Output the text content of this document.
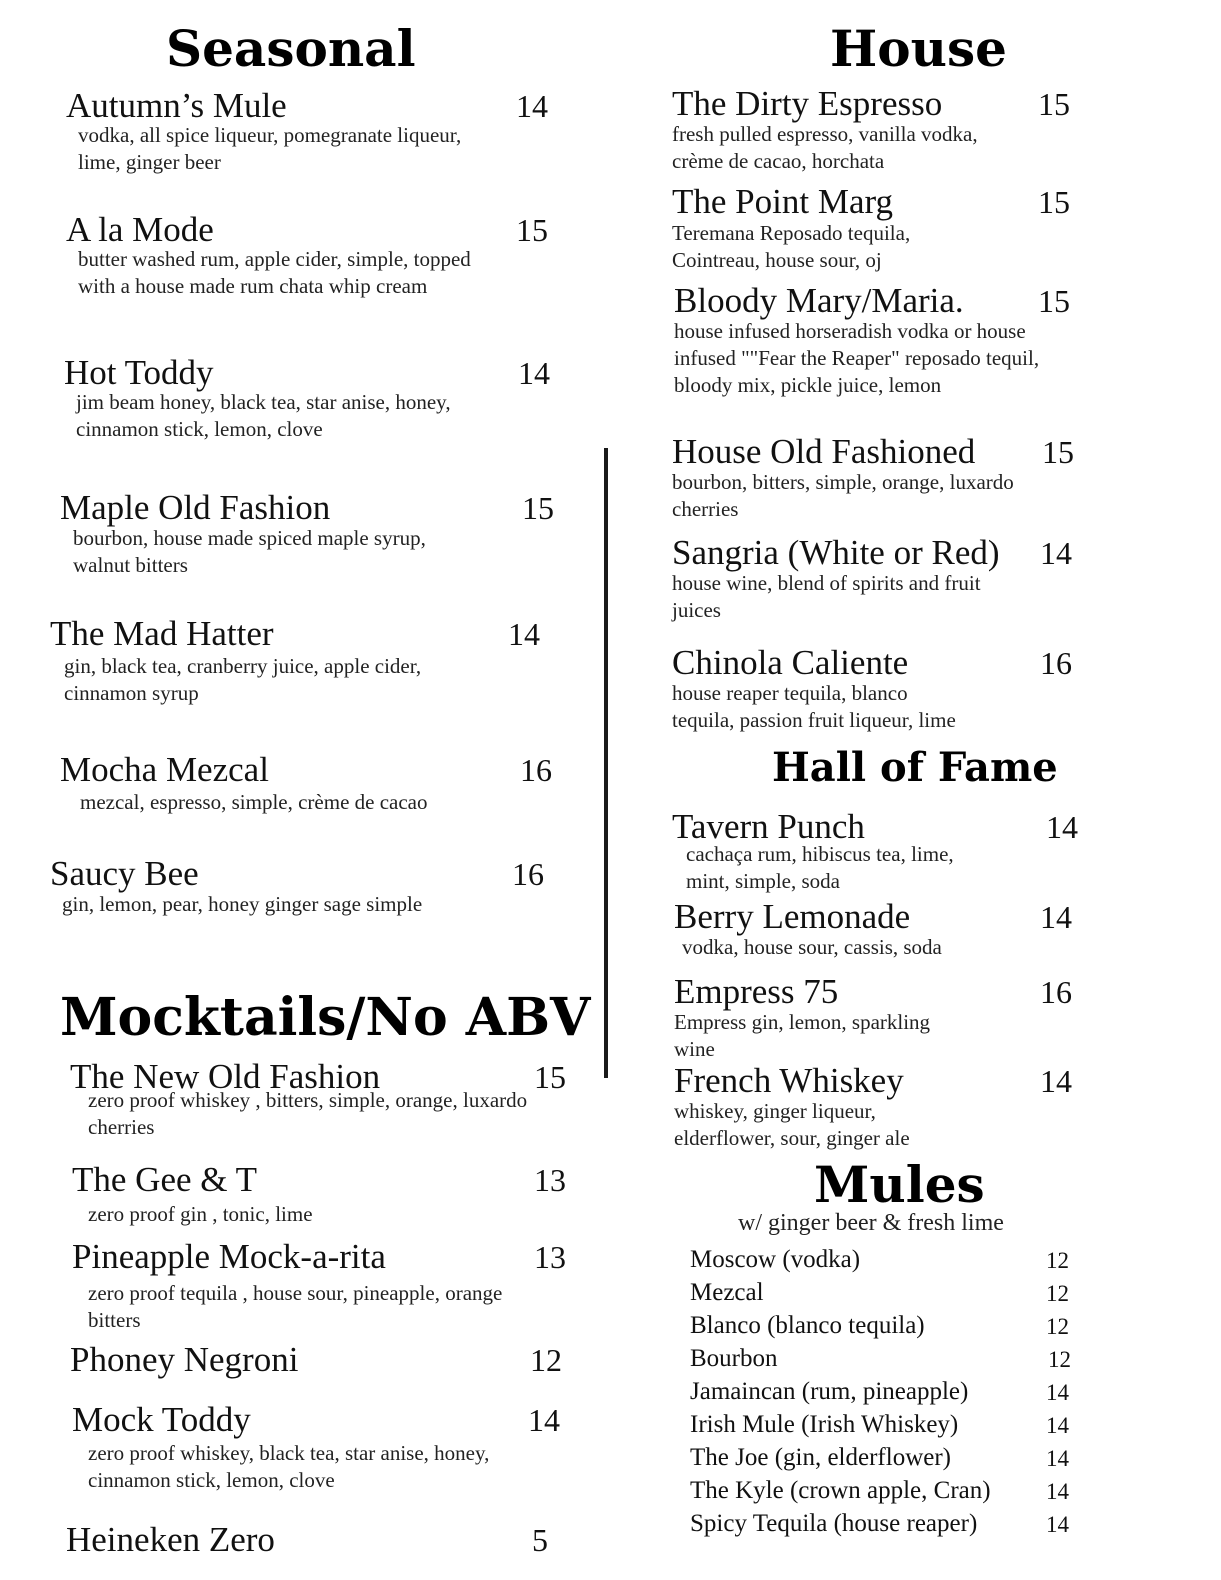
Seasonal	House
Hall of Fame
Mocktails/No ABV
Mules
w/ ginger beer & fresh lime
Autumn’s Mule	14
vodka, all spice liqueur, pomegranate liqueur, lime, ginger beer
A la Mode	15
butter washed rum, apple cider, simple, topped with a house made rum chata whip cream
Hot Toddy	14
jim beam honey, black tea, star anise, honey, cinnamon stick, lemon, clove
Maple Old Fashion	15
bourbon, house made spiced maple syrup, walnut bitters
The Mad Hatter	14
gin, black tea, cranberry juice, apple cider, cinnamon syrup
Mocha Mezcal	16
mezcal, espresso, simple, crème de cacao
Saucy Bee	16
gin, lemon, pear, honey ginger sage simple
The New Old Fashion	15
zero proof whiskey , bitters, simple, orange, luxardo cherries
The Gee & T	13
zero proof gin , tonic, lime
Pineapple Mock-a-rita	13
zero proof tequila , house sour, pineapple, orange bitters
Phoney Negroni	12
Mock Toddy	14
zero proof whiskey, black tea, star anise, honey, cinnamon stick, lemon, clove
Heineken Zero	5
The Dirty Espresso	15
fresh pulled espresso, vanilla vodka, crème de cacao, horchata
The Point Marg	15
Teremana Reposado tequila, Cointreau, house sour, oj
Bloody Mary/Maria. 15
house infused horseradish vodka or house infused ""Fear the Reaper" reposado tequil, bloody mix, pickle juice, lemon
House Old Fashioned 15
bourbon, bitters, simple, orange, luxardo cherries
Sangria (White or Red) 14
house wine, blend of spirits and fruit juices
Chinola Caliente	16
house reaper tequila, blanco tequila, passion fruit liqueur, lime
Tavern Punch	14
cachaça rum, hibiscus tea, lime, mint, simple, soda
Berry Lemonade	14
vodka, house sour, cassis, soda
Empress 75	16
Empress gin, lemon, sparkling wine
French Whiskey	14
whiskey, ginger liqueur, elderflower, sour, ginger ale
Moscow (vodka)	12
Mezcal	12
Blanco (blanco tequila)	12
Bourbon	12
Jamaincan (rum, pineapple)	14
Irish Mule (Irish Whiskey)	14
The Joe (gin, elderflower)	14
The Kyle (crown apple, Cran) 14
Spicy Tequila (house reaper)	14
